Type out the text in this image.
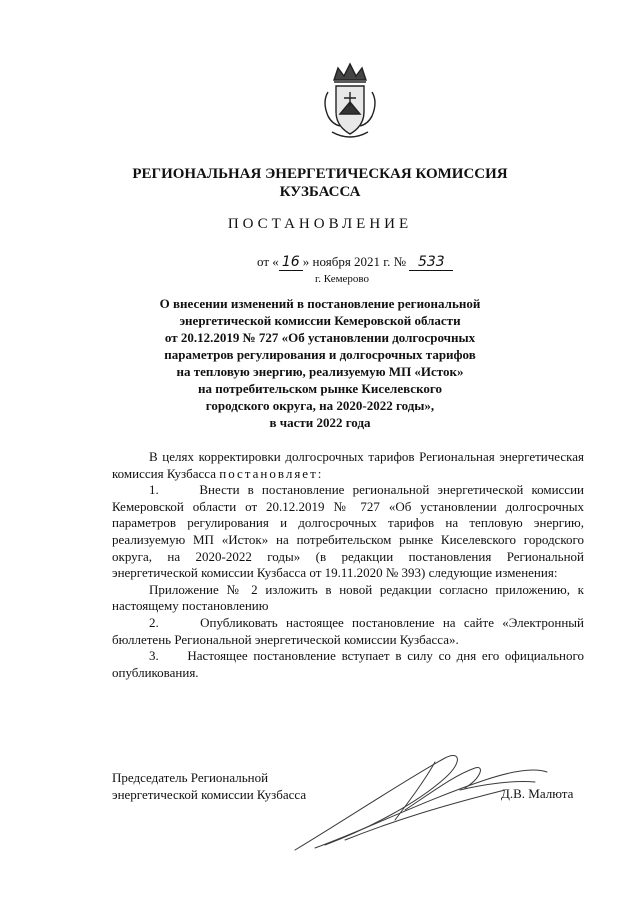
РЕГИОНАЛЬНАЯ ЭНЕРГЕТИЧЕСКАЯ КОМИССИЯ
КУЗБАССА
ПОСТАНОВЛЕНИЕ
от « 16 » ноября 2021 г. № 533
г. Кемерово
О внесении изменений в постановление региональной
энергетической комиссии Кемеровской области
от 20.12.2019 № 727 «Об установлении долгосрочных
параметров регулирования и долгосрочных тарифов
на тепловую энергию, реализуемую МП «Исток»
на потребительском рынке Киселевского
городского округа, на 2020-2022 годы»,
в части 2022 года

В целях корректировки долгосрочных тарифов Региональная энергетическая комиссия Кузбасса постановляет:

1.     Внести в постановление региональной энергетической комиссии Кемеровской области от 20.12.2019 № 727 «Об установлении долгосрочных параметров регулирования и долгосрочных тарифов на тепловую энергию, реализуемую МП «Исток» на потребительском рынке Киселевского городского округа, на 2020-2022 годы» (в редакции постановления Региональной энергетической комиссии Кузбасса от 19.11.2020 № 393) следующие изменения:

Приложение № 2 изложить в новой редакции согласно приложению, к настоящему постановлению

2.     Опубликовать настоящее постановление на сайте «Электронный бюллетень Региональной энергетической комиссии Кузбасса».

3.     Настоящее постановление вступает в силу со дня его официального опубликования.

Председатель Региональной
энергетической комиссии Кузбасса	Д.В. Малюта
